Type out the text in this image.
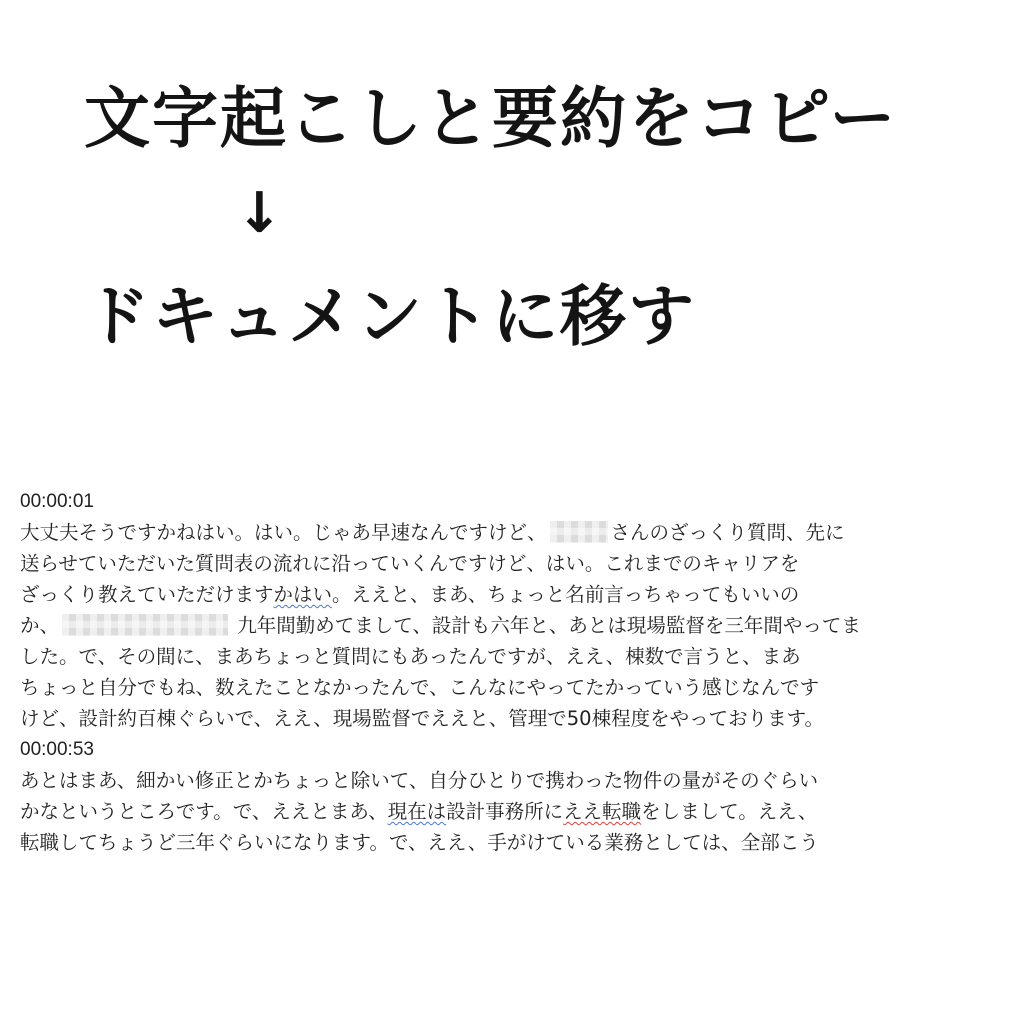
文字起こしと要約をコピー
↓
ドキュメントに移す
00:00:01
大丈夫そうですかねはい。はい。じゃあ早速なんですけど、	さんのざっくり質問、先に
送らせていただいた質問表の流れに沿っていくんですけど、はい。これまでのキャリアを
ざっくり教えていただけますかはい。ええと、まあ、ちょっと名前言っちゃってもいいの
か、	九年間勤めてまして、設計も六年と、あとは現場監督を三年間やってま
した。で、その間に、まあちょっと質問にもあったんですが、ええ、棟数で言うと、まあ
ちょっと自分でもね、数えたことなかったんで、こんなにやってたかっていう感じなんです
けど、設計約百棟ぐらいで、ええ、現場監督でええと、管理で50棟程度をやっております。
00:00:53
あとはまあ、細かい修正とかちょっと除いて、自分ひとりで携わった物件の量がそのぐらい
かなというところです。で、ええとまあ、現在は設計事務所にええ転職をしまして。ええ、
転職してちょうど三年ぐらいになります。で、ええ、手がけている業務としては、全部こう
